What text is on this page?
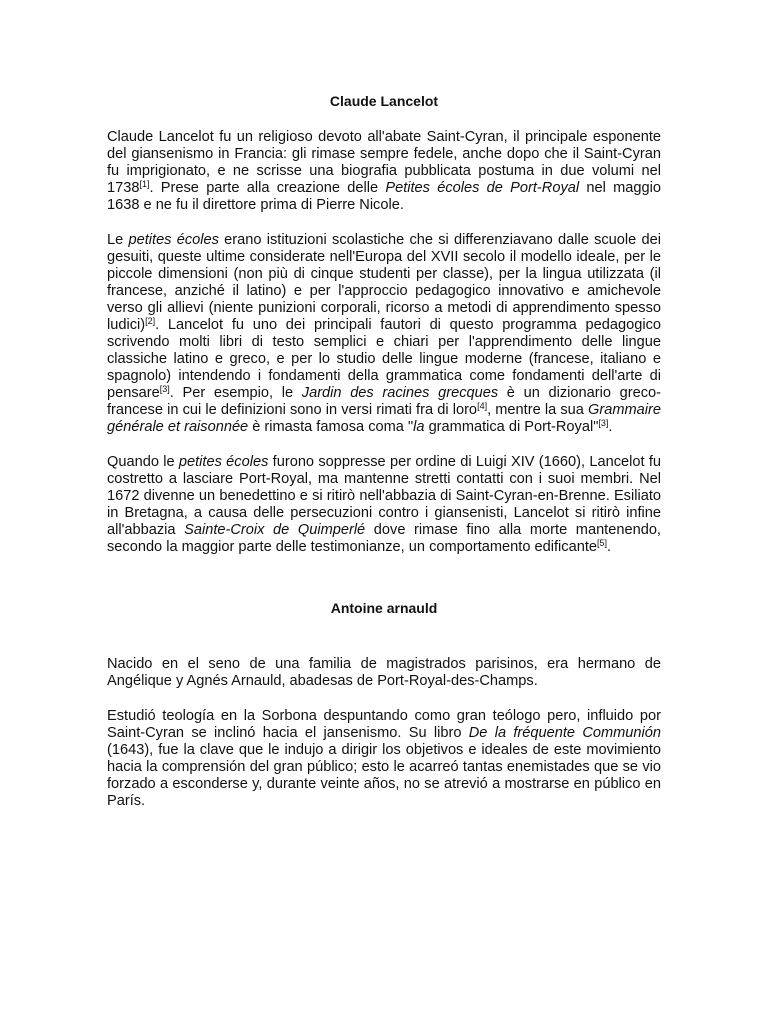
Claude Lancelot

Claude Lancelot fu un religioso devoto all'abate Saint-Cyran, il principale esponente del giansenismo in Francia: gli rimase sempre fedele, anche dopo che il Saint-Cyran fu imprigionato, e ne scrisse una biografia pubblicata postuma in due volumi nel 1738[1]. Prese parte alla creazione delle Petites écoles de Port-Royal nel maggio 1638 e ne fu il direttore prima di Pierre Nicole.

Le petites écoles erano istituzioni scolastiche che si differenziavano dalle scuole dei gesuiti, queste ultime considerate nell'Europa del XVII secolo il modello ideale, per le piccole dimensioni (non più di cinque studenti per classe), per la lingua utilizzata (il francese, anziché il latino) e per l'approccio pedagogico innovativo e amichevole verso gli allievi (niente punizioni corporali, ricorso a metodi di apprendimento spesso ludici)[2]. Lancelot fu uno dei principali fautori di questo programma pedagogico scrivendo molti libri di testo semplici e chiari per l'apprendimento delle lingue classiche latino e greco, e per lo studio delle lingue moderne (francese, italiano e spagnolo) intendendo i fondamenti della grammatica come fondamenti dell'arte di pensare[3]. Per esempio, le Jardin des racines grecques è un dizionario greco-francese in cui le definizioni sono in versi rimati fra di loro[4], mentre la sua Grammaire générale et raisonnée è rimasta famosa coma "la grammatica di Port-Royal"[3].

Quando le petites écoles furono soppresse per ordine di Luigi XIV (1660), Lancelot fu costretto a lasciare Port-Royal, ma mantenne stretti contatti con i suoi membri. Nel 1672 divenne un benedettino e si ritirò nell'abbazia di Saint-Cyran-en-Brenne. Esiliato in Bretagna, a causa delle persecuzioni contro i giansenisti, Lancelot si ritirò infine all'abbazia Sainte-Croix de Quimperlé dove rimase fino alla morte mantenendo, secondo la maggior parte delle testimonianze, un comportamento edificante[5].

Antoine arnauld

Nacido en el seno de una familia de magistrados parisinos, era hermano de Angélique y Agnés Arnauld, abadesas de Port-Royal-des-Champs.

Estudió teología en la Sorbona despuntando como gran teólogo pero, influido por Saint-Cyran se inclinó hacia el jansenismo. Su libro De la fréquente Communión (1643), fue la clave que le indujo a dirigir los objetivos e ideales de este movimiento hacia la comprensión del gran público; esto le acarreó tantas enemistades que se vio forzado a esconderse y, durante veinte años, no se atrevió a mostrarse en público en París.
